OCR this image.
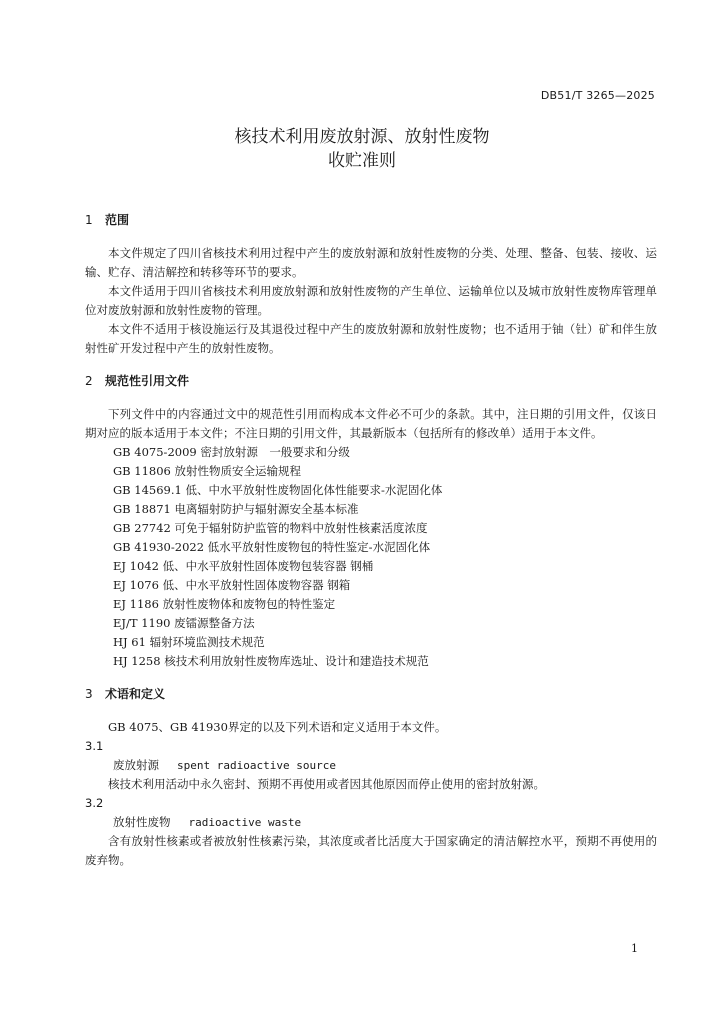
DB51/T 3265—2025
核技术利用废放射源、放射性废物
收贮准则
1 范围
本文件规定了四川省核技术利用过程中产生的废放射源和放射性废物的分类、处理、整备、包装、接收、运输、贮存、清洁解控和转移等环节的要求。
本文件适用于四川省核技术利用废放射源和放射性废物的产生单位、运输单位以及城市放射性废物库管理单位对废放射源和放射性废物的管理。
本文件不适用于核设施运行及其退役过程中产生的废放射源和放射性废物；也不适用于铀（钍）矿和伴生放射性矿开发过程中产生的放射性废物。
2 规范性引用文件
下列文件中的内容通过文中的规范性引用而构成本文件必不可少的条款。其中，注日期的引用文件，仅该日期对应的版本适用于本文件；不注日期的引用文件，其最新版本（包括所有的修改单）适用于本文件。
GB 4075-2009 密封放射源　一般要求和分级
GB 11806 放射性物质安全运输规程
GB 14569.1 低、中水平放射性废物固化体性能要求-水泥固化体
GB 18871 电离辐射防护与辐射源安全基本标准
GB 27742 可免于辐射防护监管的物料中放射性核素活度浓度
GB 41930-2022 低水平放射性废物包的特性鉴定-水泥固化体
EJ 1042 低、中水平放射性固体废物包装容器 钢桶
EJ 1076 低、中水平放射性固体废物容器 钢箱
EJ 1186 放射性废物体和废物包的特性鉴定
EJ/T 1190 废镭源整备方法
HJ 61 辐射环境监测技术规范
HJ 1258 核技术利用放射性废物库选址、设计和建造技术规范
3 术语和定义
GB 4075、GB 41930界定的以及下列术语和定义适用于本文件。
3.1
废放射源 spent radioactive source
核技术利用活动中永久密封、预期不再使用或者因其他原因而停止使用的密封放射源。
3.2
放射性废物 radioactive waste
含有放射性核素或者被放射性核素污染，其浓度或者比活度大于国家确定的清洁解控水平，预期不再使用的废弃物。
1
